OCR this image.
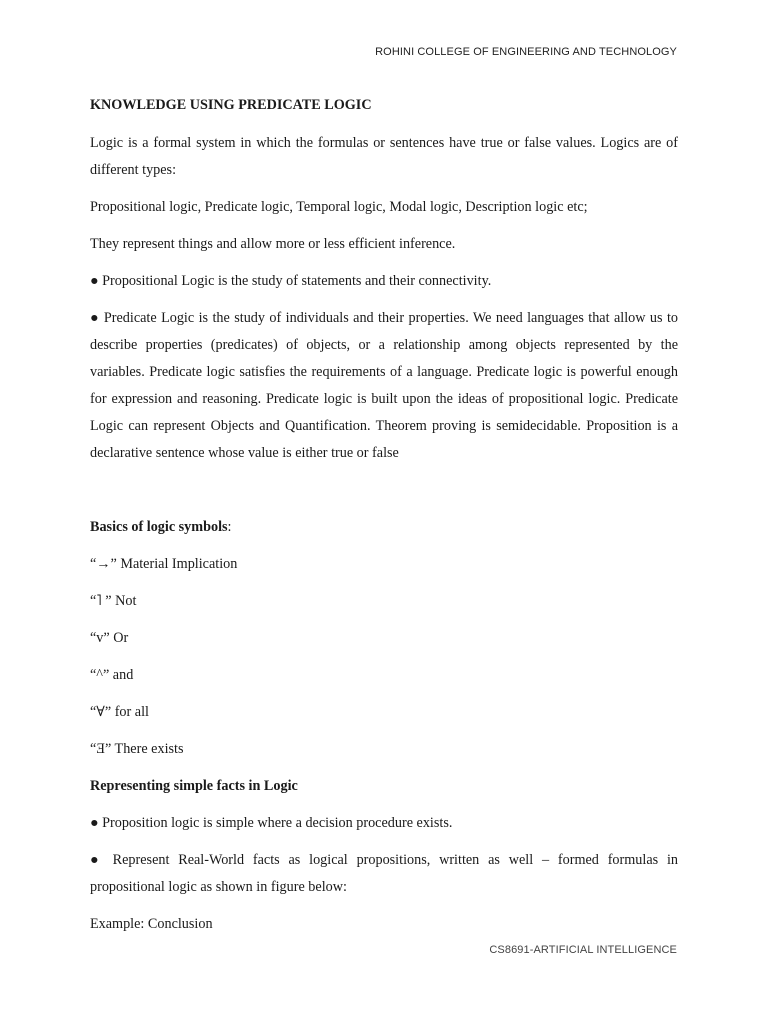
ROHINI COLLEGE OF ENGINEERING AND TECHNOLOGY
KNOWLEDGE USING PREDICATE LOGIC

Logic is a formal system in which the formulas or sentences have true or false values. Logics are of different types:

Propositional logic, Predicate logic, Temporal logic, Modal logic, Description logic etc;

They represent things and allow more or less efficient inference.

● Propositional Logic is the study of statements and their connectivity.

● Predicate Logic is the study of individuals and their properties. We need languages that allow us to describe properties (predicates) of objects, or a relationship among objects represented by the variables. Predicate logic satisfies the requirements of a language. Predicate logic is powerful enough for expression and reasoning. Predicate logic is built upon the ideas of propositional logic. Predicate Logic can represent Objects and Quantification. Theorem proving is semidecidable. Proposition is a declarative sentence whose value is either true or false

Basics of logic symbols:
“→” Material Implication
“˥ ” Not
“v” Or
“^” and
“∀” for all
“Ǝ” There exists
Representing simple facts in Logic

● Proposition logic is simple where a decision procedure exists.

● Represent Real-World facts as logical propositions, written as well – formed formulas in propositional logic as shown in figure below:

Example: Conclusion

CS8691-ARTIFICIAL INTELLIGENCE
